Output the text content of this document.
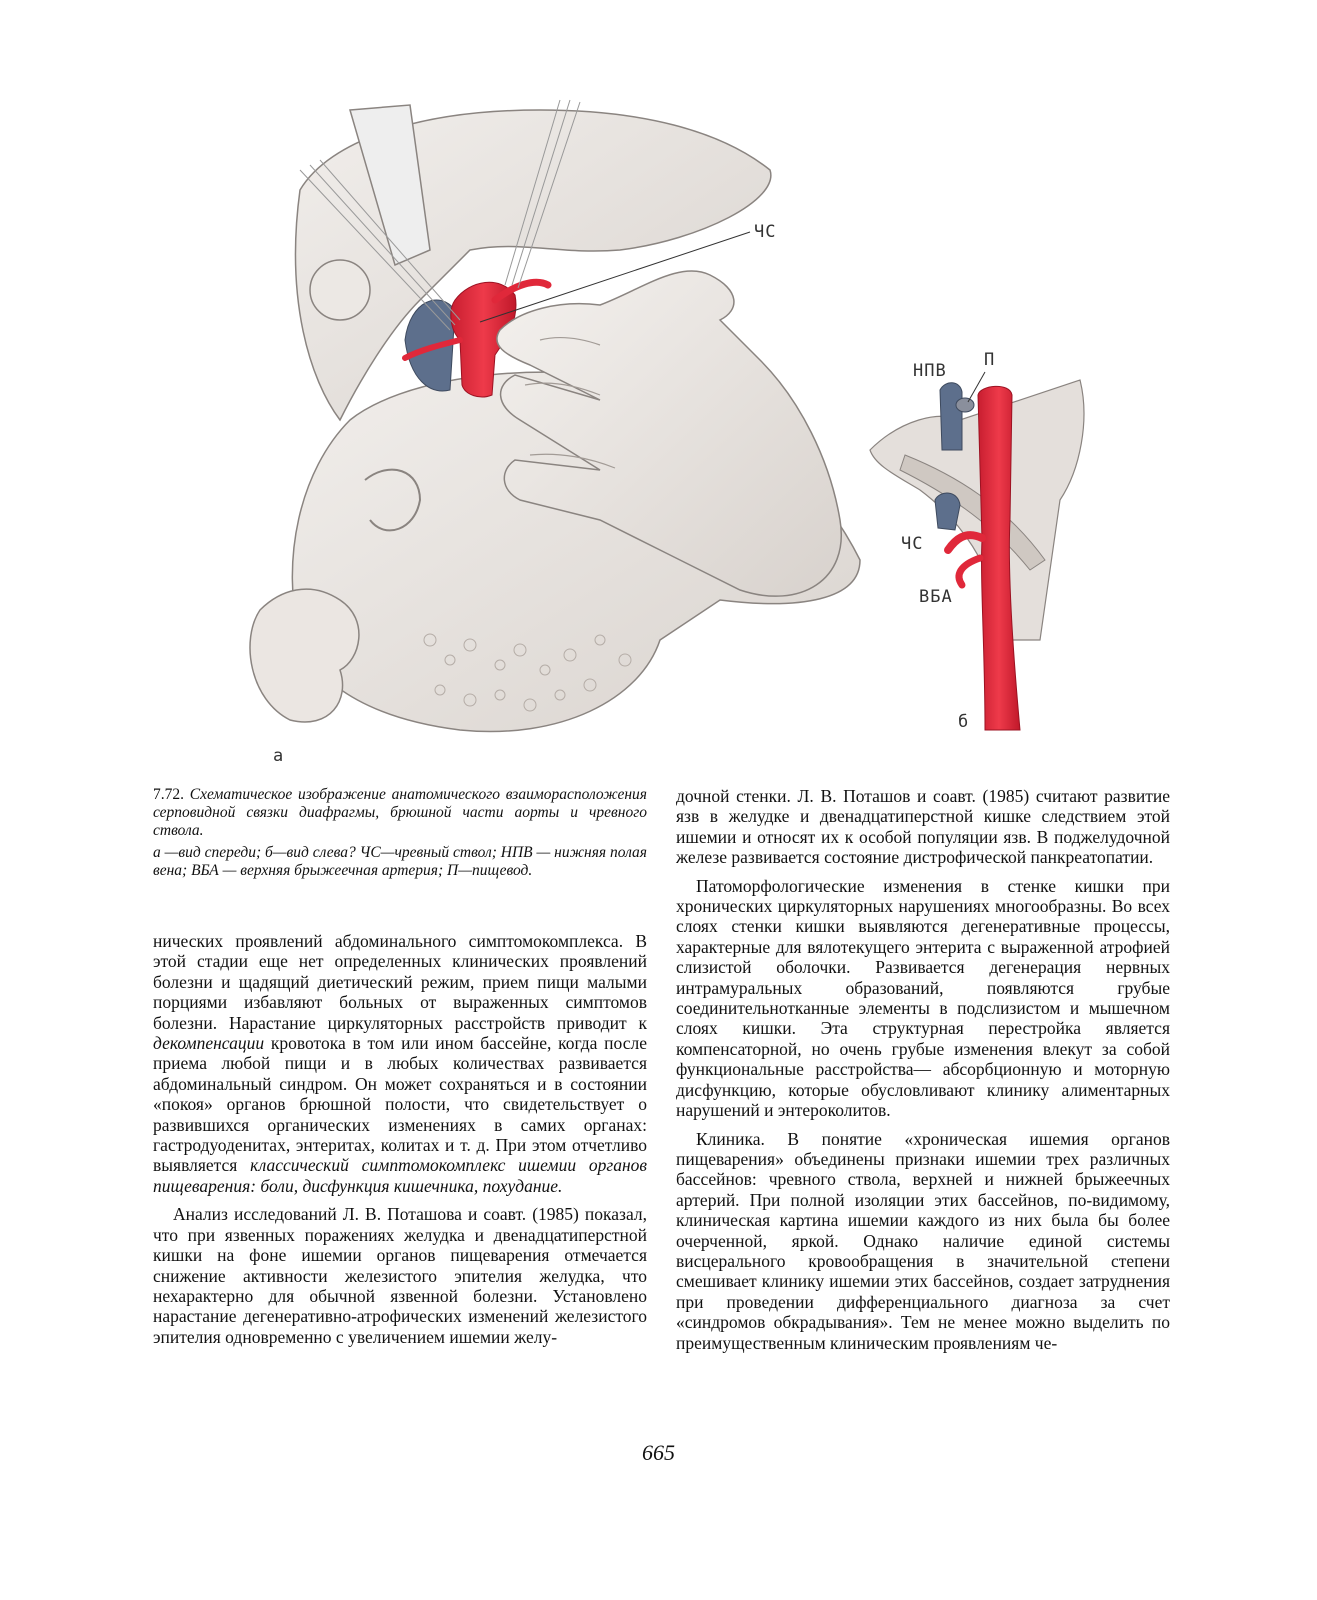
ЧС
НПВ
П
ЧС
ВБА
а
б

7.72. Схематическое изображение анатомического взаиморасположения серповидной связки диафрагмы, брюшной части аорты и чревного ствола.

а —вид спереди; б—вид слева? ЧС—чревный ствол; НПВ — нижняя полая вена; ВБА — верхняя брыжеечная артерия; П—пищевод.

нических проявлений абдоминального симптомокомплекса. В этой стадии еще нет определенных клинических проявлений болезни и щадящий диетический режим, прием пищи малыми порциями избавляют больных от выраженных симптомов болезни. Нарастание циркуляторных расстройств приводит к декомпенсации кровотока в том или ином бассейне, когда после приема любой пищи и в любых количествах развивается абдоминальный синдром. Он может сохраняться и в состоянии «покоя» органов брюшной полости, что свидетельствует о развившихся органических изменениях в самих органах: гастродуоденитах, энтеритах, колитах и т. д. При этом отчетливо выявляется классический симптомокомплекс ишемии органов пищеварения: боли, дисфункция кишечника, похудание.

Анализ исследований Л. В. Поташова и соавт. (1985) показал, что при язвенных поражениях желудка и двенадцатиперстной кишки на фоне ишемии органов пищеварения отмечается снижение активности железистого эпителия желудка, что нехарактерно для обычной язвенной болезни. Установлено нарастание дегенеративно-атрофических изменений железистого эпителия одновременно с увеличением ишемии желу-

дочной стенки. Л. В. Поташов и соавт. (1985) считают развитие язв в желудке и двенадцатиперстной кишке следствием этой ишемии и относят их к особой популяции язв. В поджелудочной железе развивается состояние дистрофической панкреатопатии.

Патоморфологические изменения в стенке кишки при хронических циркуляторных нарушениях многообразны. Во всех слоях стенки кишки выявляются дегенеративные процессы, характерные для вялотекущего энтерита с выраженной атрофией слизистой оболочки. Развивается дегенерация нервных интрамуральных образований, появляются грубые соединительнотканные элементы в подслизистом и мышечном слоях кишки. Эта структурная перестройка является компенсаторной, но очень грубые изменения влекут за собой функциональные расстройства— абсорбционную и моторную дисфункцию, которые обусловливают клинику алиментарных нарушений и энтероколитов.

Клиника. В понятие «хроническая ишемия органов пищеварения» объединены признаки ишемии трех различных бассейнов: чревного ствола, верхней и нижней брыжеечных артерий. При полной изоляции этих бассейнов, по-видимому, клиническая картина ишемии каждого из них была бы более очерченной, яркой. Однако наличие единой системы висцерального кровообращения в значительной степени смешивает клинику ишемии этих бассейнов, создает затруднения при проведении дифференциального диагноза за счет «синдромов обкрадывания». Тем не менее можно выделить по преимущественным клиническим проявлениям че-

665
